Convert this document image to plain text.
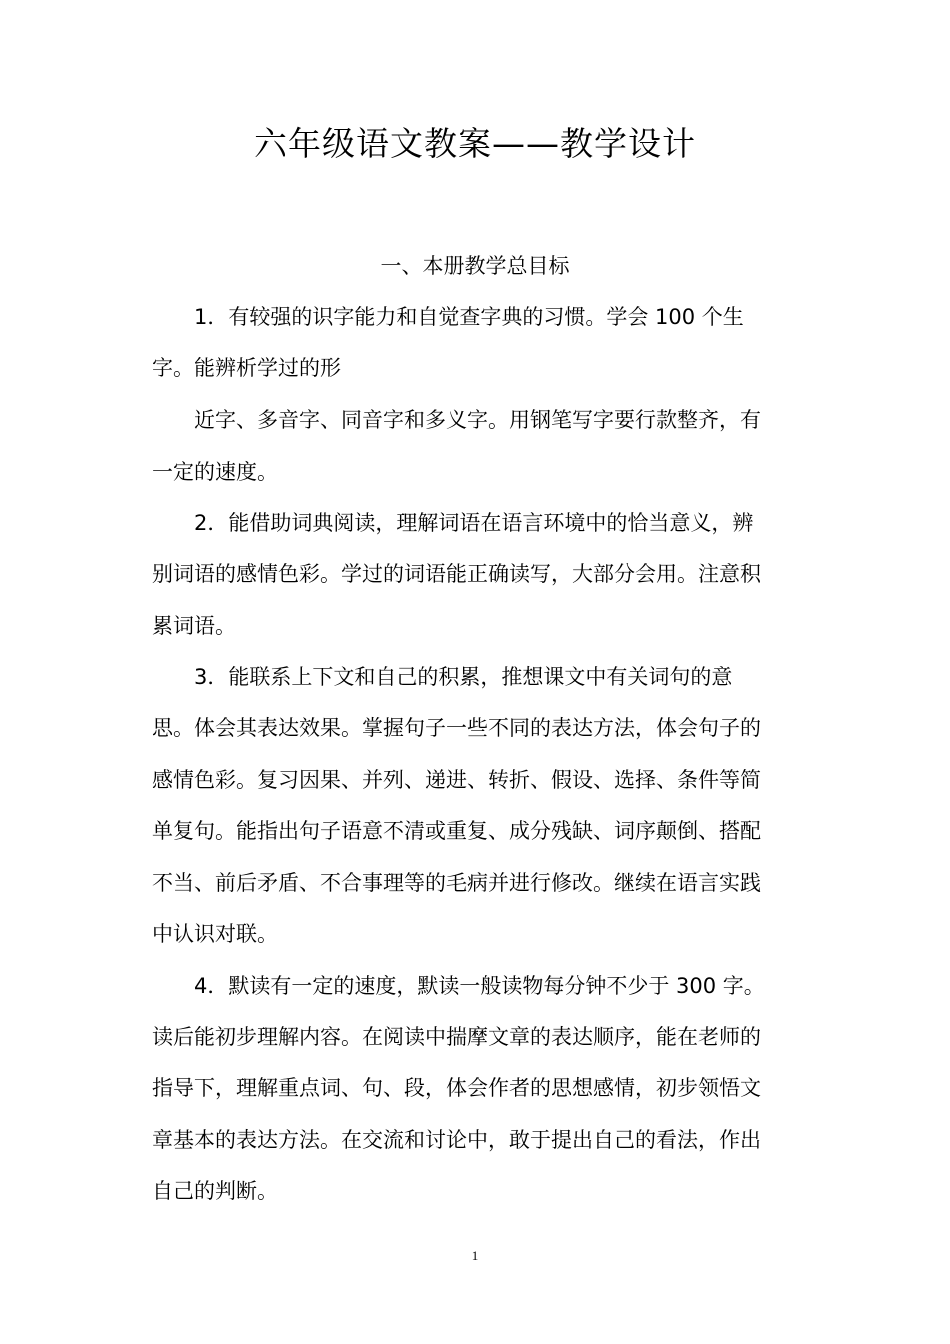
六年级语文教案——教学设计

一、本册教学总目标

1．有较强的识字能力和自觉查字典的习惯。学会 100 个生

字。能辨析学过的形

近字、多音字、同音字和多义字。用钢笔写字要行款整齐，有

一定的速度。

2．能借助词典阅读，理解词语在语言环境中的恰当意义，辨

别词语的感情色彩。学过的词语能正确读写，大部分会用。注意积

累词语。

3．能联系上下文和自己的积累，推想课文中有关词句的意

思。体会其表达效果。掌握句子一些不同的表达方法，体会句子的

感情色彩。复习因果、并列、递进、转折、假设、选择、条件等简

单复句。能指出句子语意不清或重复、成分残缺、词序颠倒、搭配

不当、前后矛盾、不合事理等的毛病并进行修改。继续在语言实践

中认识对联。

4．默读有一定的速度，默读一般读物每分钟不少于 300 字。

读后能初步理解内容。在阅读中揣摩文章的表达顺序，能在老师的

指导下，理解重点词、句、段，体会作者的思想感情，初步领悟文

章基本的表达方法。在交流和讨论中，敢于提出自己的看法，作出

自己的判断。

1
